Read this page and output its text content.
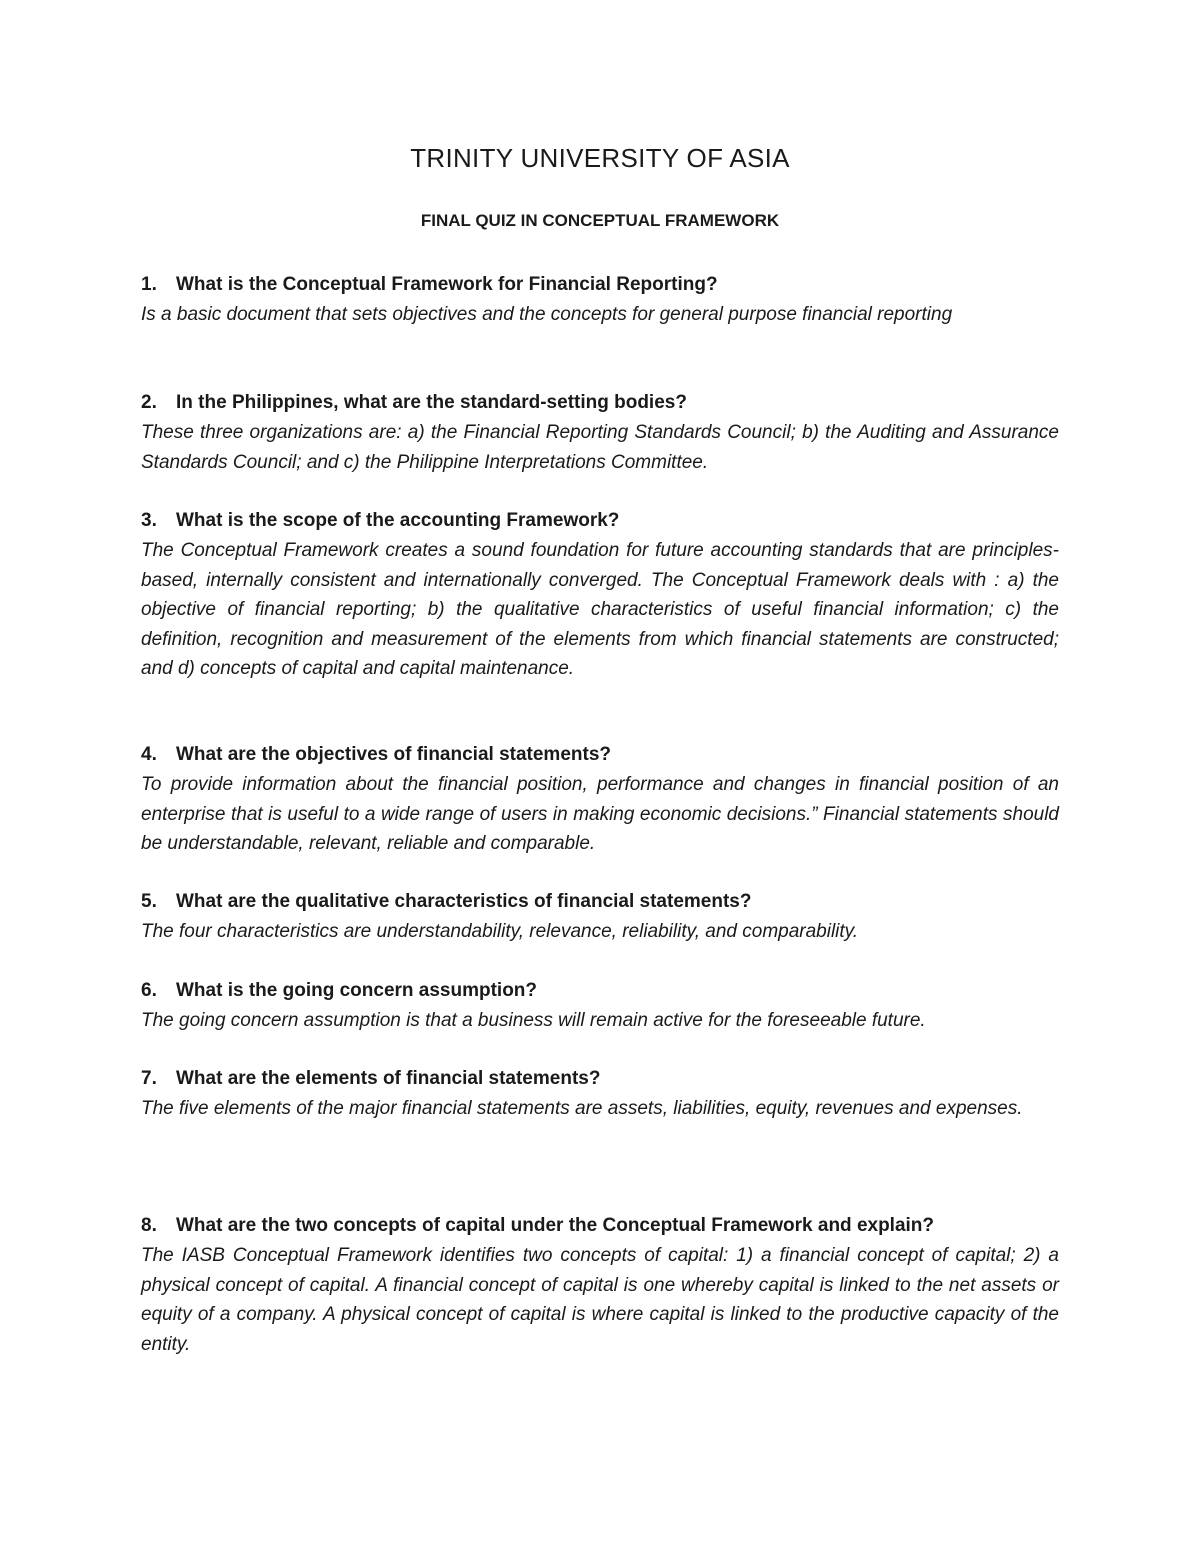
TRINITY UNIVERSITY OF ASIA
FINAL QUIZ IN CONCEPTUAL FRAMEWORK

1.	What is the Conceptual Framework for Financial Reporting?

Is a basic document that sets objectives and the concepts for general purpose financial reporting

2.	In the Philippines, what are the standard-setting bodies?

These three organizations are: a) the Financial Reporting Standards Council; b) the Auditing and Assurance Standards Council; and c) the Philippine Interpretations Committee.

3.	What is the scope of the accounting Framework?

The Conceptual Framework creates a sound foundation for future accounting standards that are principles-based, internally consistent and internationally converged. The Conceptual Framework deals with : a) the objective of financial reporting; b) the qualitative characteristics of useful financial information; c) the definition, recognition and measurement of the elements from which financial statements are constructed; and d) concepts of capital and capital maintenance.

4.	What are the objectives of financial statements?

To provide information about the financial position, performance and changes in financial position of an enterprise that is useful to a wide range of users in making economic decisions.” Financial statements should be understandable, relevant, reliable and comparable.

5.	What are the qualitative characteristics of financial statements?

The four characteristics are understandability, relevance, reliability, and comparability.

6.	What is the going concern assumption?

The going concern assumption is that a business will remain active for the foreseeable future.

7.	What are the elements of financial statements?

The five elements of the major financial statements are assets, liabilities, equity, revenues and expenses.

8.	What are the two concepts of capital under the Conceptual Framework and explain?

The IASB Conceptual Framework identifies two concepts of capital: 1) a financial concept of capital; 2) a physical concept of capital. A financial concept of capital is one whereby capital is linked to the net assets or equity of a company. A physical concept of capital is where capital is linked to the productive capacity of the entity.
